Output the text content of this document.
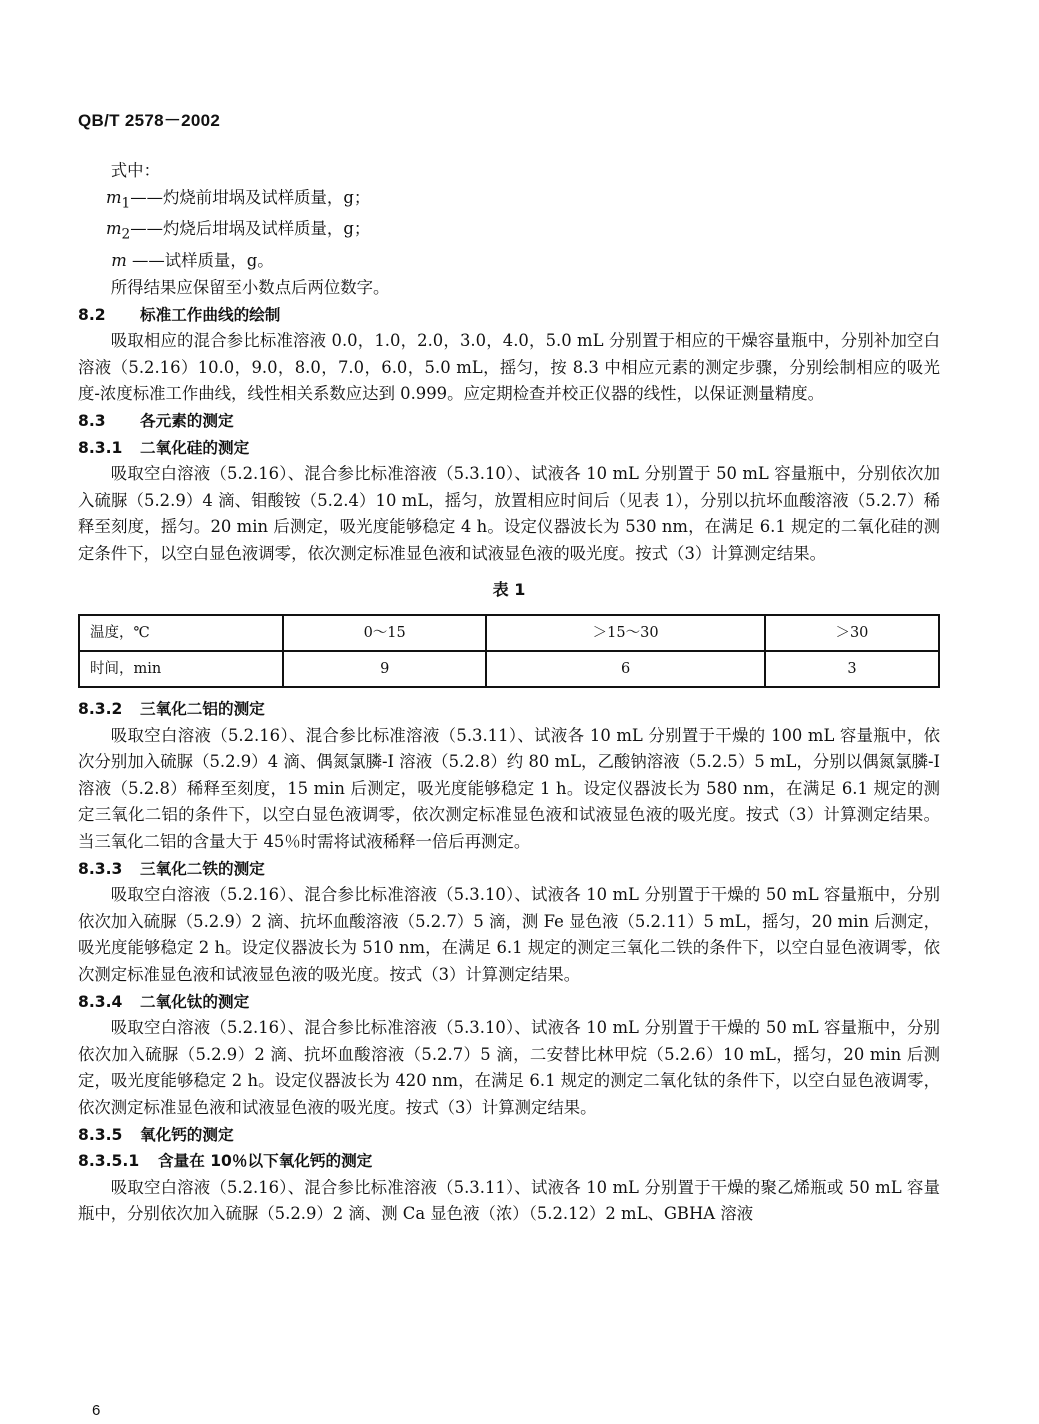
QB/T 2578－2002
式中：
$m_1——$灼烧前坩埚及试样质量，g；
$m_2——$灼烧后坩埚及试样质量，g；
m ——试样质量，g。
所得结果应保留至小数点后两位数字。
8.2 标准工作曲线的绘制
吸取相应的混合参比标准溶液 0.0，1.0，2.0，3.0，4.0，5.0 mL 分别置于相应的干燥容量瓶中，分别补加空白溶液（5.2.16）10.0，9.0，8.0，7.0，6.0，5.0 mL，摇匀，按 8.3 中相应元素的测定步骤，分别绘制相应的吸光度-浓度标准工作曲线，线性相关系数应达到 0.999。应定期检查并校正仪器的线性，以保证测量精度。
8.3 各元素的测定
8.3.1 二氧化硅的测定
吸取空白溶液（5.2.16）、混合参比标准溶液（5.3.10）、试液各 10 mL 分别置于 50 mL 容量瓶中，分别依次加入硫脲（5.2.9）4 滴、钼酸铵（5.2.4）10 mL，摇匀，放置相应时间后（见表 1），分别以抗坏血酸溶液（5.2.7）稀释至刻度，摇匀。20 min 后测定，吸光度能够稳定 4 h。设定仪器波长为 530 nm，在满足 6.1 规定的二氧化硅的测定条件下，以空白显色液调零，依次测定标准显色液和试液显色液的吸光度。按式（3）计算测定结果。
表 1
温度，℃	0～15	＞15～30	＞30
时间，min	9	6	3
8.3.2 三氧化二铝的测定
吸取空白溶液（5.2.16）、混合参比标准溶液（5.3.11）、试液各 10 mL 分别置于干燥的 100 mL 容量瓶中，依次分别加入硫脲（5.2.9）4 滴、偶氮氯膦-I 溶液（5.2.8）约 80 mL，乙酸钠溶液（5.2.5）5 mL，分别以偶氮氯膦-I 溶液（5.2.8）稀释至刻度，15 min 后测定，吸光度能够稳定 1 h。设定仪器波长为 580 nm，在满足 6.1 规定的测定三氧化二铝的条件下，以空白显色液调零，依次测定标准显色液和试液显色液的吸光度。按式（3）计算测定结果。当三氧化二铝的含量大于 45％时需将试液稀释一倍后再测定。
8.3.3 三氧化二铁的测定
吸取空白溶液（5.2.16）、混合参比标准溶液（5.3.10）、试液各 10 mL 分别置于干燥的 50 mL 容量瓶中，分别依次加入硫脲（5.2.9）2 滴、抗坏血酸溶液（5.2.7）5 滴，测 Fe 显色液（5.2.11）5 mL，摇匀，20 min 后测定，吸光度能够稳定 2 h。设定仪器波长为 510 nm，在满足 6.1 规定的测定三氧化二铁的条件下，以空白显色液调零，依次测定标准显色液和试液显色液的吸光度。按式（3）计算测定结果。
8.3.4 二氧化钛的测定
吸取空白溶液（5.2.16）、混合参比标准溶液（5.3.10）、试液各 10 mL 分别置于干燥的 50 mL 容量瓶中，分别依次加入硫脲（5.2.9）2 滴、抗坏血酸溶液（5.2.7）5 滴，二安替比林甲烷（5.2.6）10 mL，摇匀，20 min 后测定，吸光度能够稳定 2 h。设定仪器波长为 420 nm，在满足 6.1 规定的测定二氧化钛的条件下，以空白显色液调零，依次测定标准显色液和试液显色液的吸光度。按式（3）计算测定结果。
8.3.5 氧化钙的测定
8.3.5.1 含量在 10％以下氧化钙的测定
吸取空白溶液（5.2.16）、混合参比标准溶液（5.3.11）、试液各 10 mL 分别置于干燥的聚乙烯瓶或 50 mL 容量瓶中，分别依次加入硫脲（5.2.9）2 滴、测 Ca 显色液（浓）（5.2.12）2 mL、GBHA 溶液
6
